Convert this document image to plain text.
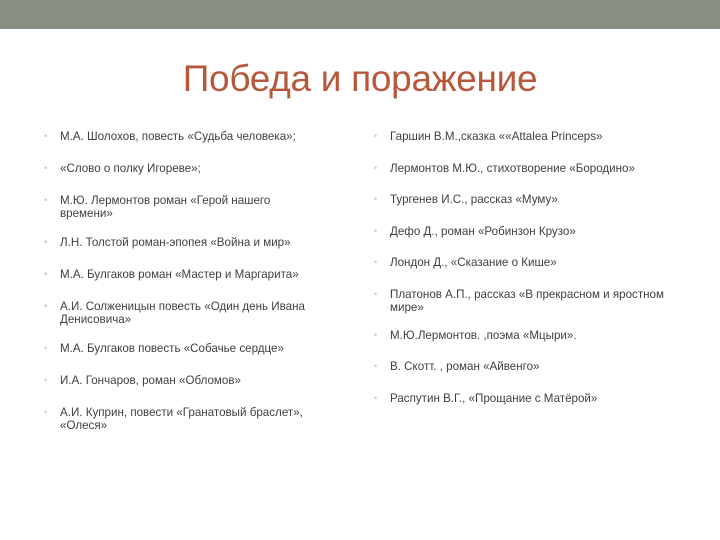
Победа и поражение
• М.А. Шолохов, повесть «Судьба человека»;
• «Слово о полку Игореве»;
• М.Ю. Лермонтов роман «Герой нашего времени»
• Л.Н. Толстой роман-эпопея «Война и мир»
• М.А. Булгаков роман «Мастер и Маргарита»
• А.И. Солженицын повесть «Один день Ивана Денисовича»
• М.А. Булгаков повесть «Собачье сердце»
• И.А. Гончаров, роман «Обломов»
• А.И. Куприн, повести «Гранатовый браслет», «Олеся»
• Гаршин В.М.,сказка ««Attalea Princeps»
• Лермонтов М.Ю., стихотворение «Бородино»
• Тургенев И.С., рассказ «Муму»
• Дефо Д., роман «Робинзон Крузо»
• Лондон Д., «Сказание о Кише»
• Платонов А.П., рассказ «В прекрасном и яростном мире»
• М.Ю.Лермонтов. ,поэма «Мцыри».
• В. Скотт. , роман «Айвенго»
• Распутин В.Г., «Прощание с Матёрой»
